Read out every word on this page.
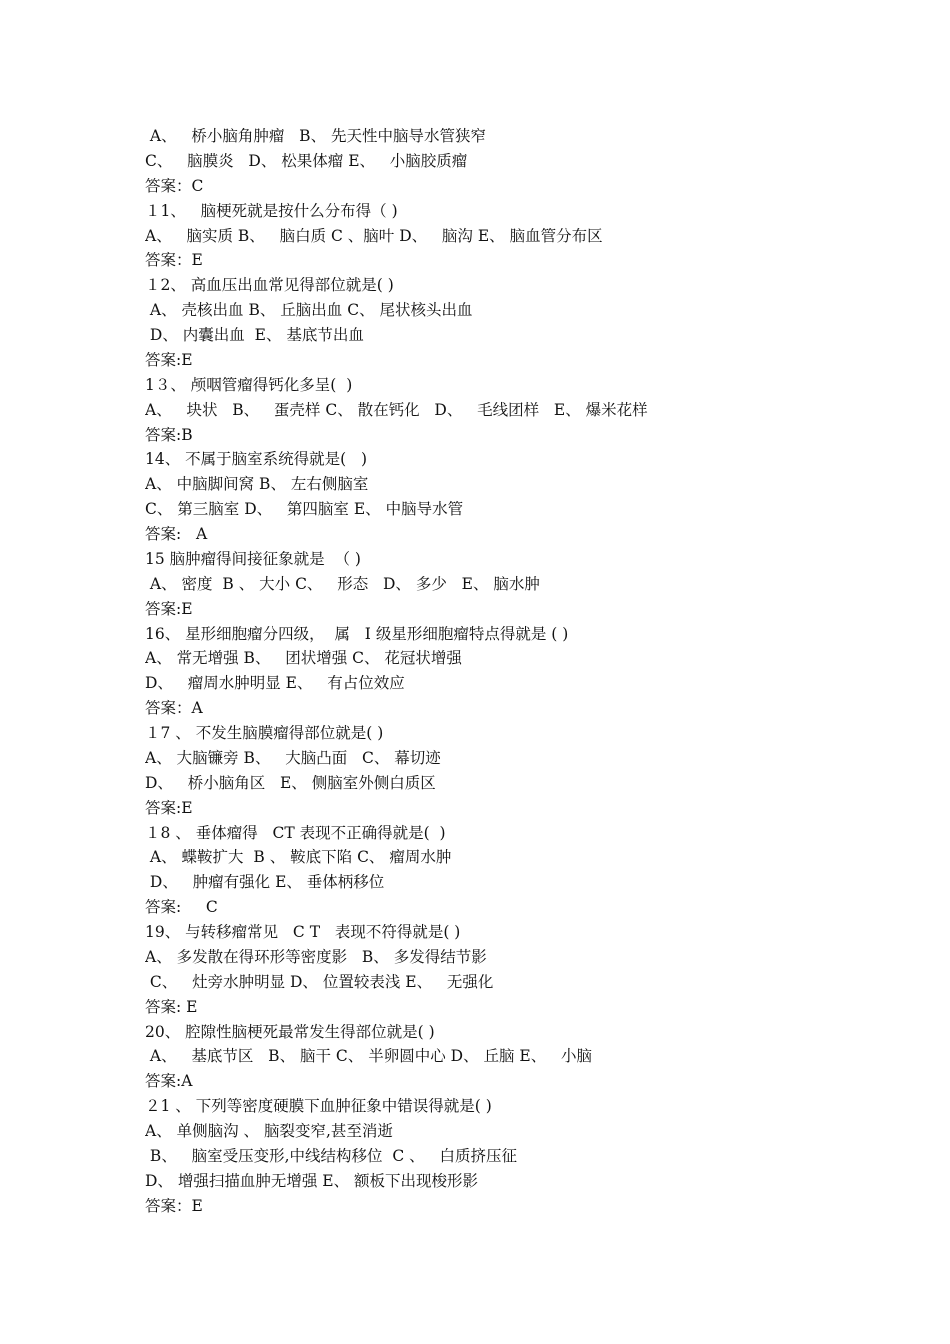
A、   桥小脑角肿瘤   B、 先天性中脑导水管狭窄
C、   脑膜炎   D、 松果体瘤 E、   小脑胶质瘤
答案：C
１1、   脑梗死就是按什么分布得（ )
A、   脑实质 B、   脑白质 C 、脑叶 D、   脑沟 E、 脑血管分布区
答案：E
１2、 高血压出血常见得部位就是( )
A、 壳核出血 B、 丘脑出血 C、 尾状核头出血
D、 内囊出血  E、 基底节出血
答案:E
1３、 颅咽管瘤得钙化多呈(  )
A、   块状   B、   蛋壳样 C、 散在钙化   D、   毛线团样   E、 爆米花样
答案:B
14、 不属于脑室系统得就是(   )
A、 中脑脚间窝 B、 左右侧脑室
C、 第三脑室 D、   第四脑室 E、 中脑导水管
答案:   A
15 脑肿瘤得间接征象就是  （ )
A、 密度  B 、 大小 C、   形态   D、 多少   E、 脑水肿
答案:E
16、 星形细胞瘤分四级，  属   I 级星形细胞瘤特点得就是 ( )
A、 常无增强 B、   团状增强 C、 花冠状增强
D、   瘤周水肿明显 E、   有占位效应
答案：A
１7 、 不发生脑膜瘤得部位就是( )
A、 大脑镰旁 B、   大脑凸面   C、 幕切迹
D、   桥小脑角区   E、 侧脑室外侧白质区
答案:E
１8 、 垂体瘤得   CT 表现不正确得就是(  )
A、 蝶鞍扩大  B 、 鞍底下陷 C、 瘤周水肿
D、   肿瘤有强化 E、 垂体柄移位
答案:     C
19、 与转移瘤常见   C T   表现不符得就是( )
A、 多发散在得环形等密度影   B、 多发得结节影
C、   灶旁水肿明显 D、 位置较表浅 E、   无强化
答案: E
20、 腔隙性脑梗死最常发生得部位就是( )
A、   基底节区   B、 脑干 C、 半卵圆中心 D、 丘脑 E、   小脑
答案:A
２1 、 下列等密度硬膜下血肿征象中错误得就是( )
A、 单侧脑沟 、 脑裂变窄,甚至消逝
B、   脑室受压变形,中线结构移位  C 、   白质挤压征
D、 增强扫描血肿无增强 E、 额板下出现梭形影
答案：E
